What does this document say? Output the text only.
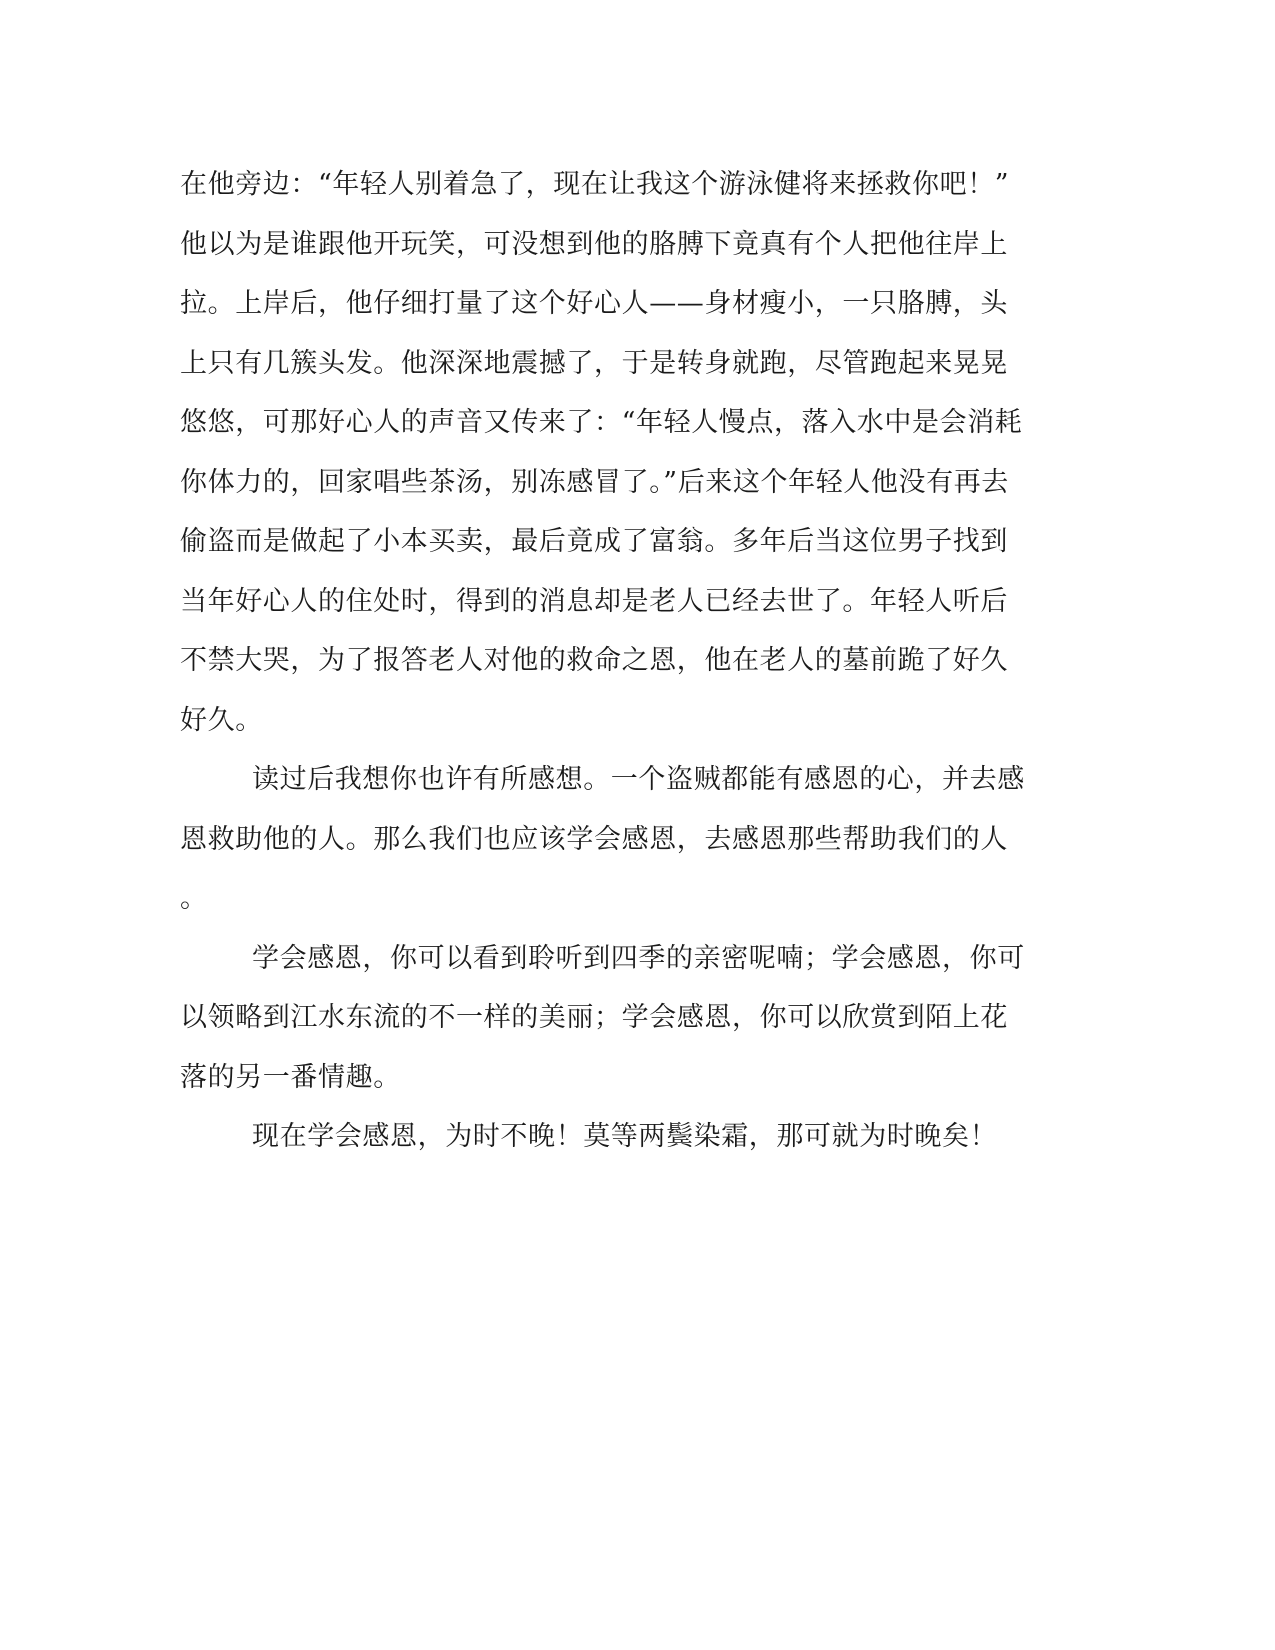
在他旁边：“年轻人别着急了，现在让我这个游泳健将来拯救你吧！”
他以为是谁跟他开玩笑，可没想到他的胳膊下竟真有个人把他往岸上
拉。上岸后，他仔细打量了这个好心人——身材瘦小，一只胳膊，头
上只有几簇头发。他深深地震撼了，于是转身就跑，尽管跑起来晃晃
悠悠，可那好心人的声音又传来了：“年轻人慢点，落入水中是会消耗
你体力的，回家唱些茶汤，别冻感冒了。”后来这个年轻人他没有再去
偷盗而是做起了小本买卖，最后竟成了富翁。多年后当这位男子找到
当年好心人的住处时，得到的消息却是老人已经去世了。年轻人听后
不禁大哭，为了报答老人对他的救命之恩，他在老人的墓前跪了好久
好久。
读过后我想你也许有所感想。一个盗贼都能有感恩的心，并去感
恩救助他的人。那么我们也应该学会感恩，去感恩那些帮助我们的人
。
学会感恩，你可以看到聆听到四季的亲密呢喃；学会感恩，你可
以领略到江水东流的不一样的美丽；学会感恩，你可以欣赏到陌上花
落的另一番情趣。
现在学会感恩，为时不晚！莫等两鬓染霜，那可就为时晚矣！
